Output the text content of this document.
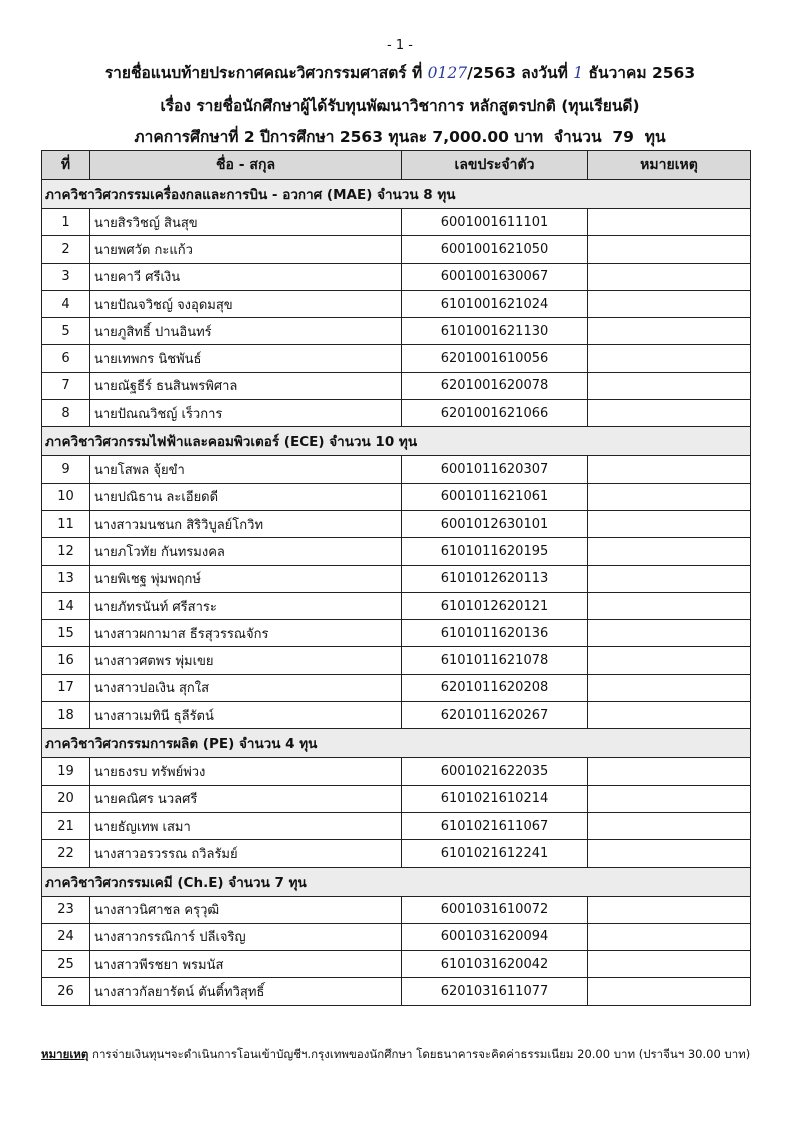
- 1 -
รายชื่อแนบท้ายประกาศคณะวิศวกรรมศาสตร์ ที่ 0127/2563 ลงวันที่ 1 ธันวาคม 2563
เรื่อง รายชื่อนักศึกษาผู้ได้รับทุนพัฒนาวิชาการ หลักสูตรปกติ (ทุนเรียนดี)
ภาคการศึกษาที่ 2 ปีการศึกษา 2563 ทุนละ 7,000.00 บาท จำนวน 79 ทุน
ที่	ชื่อ - สกุล	เลขประจำตัว	หมายเหตุ
ภาควิชาวิศวกรรมเครื่องกลและการบิน - อวกาศ (MAE) จำนวน 8 ทุน			
1	นายสิรวิชญ์ สินสุข	6001001611101	
2	นายพศวัต กะแก้ว	6001001621050	
3	นายคาวี ศรีเงิน	6001001630067	
4	นายปัณจวิชญ์ จงอุดมสุข	6101001621024	
5	นายภูสิทธิ์ ปานอินทร์	6101001621130	
6	นายเทพกร นิชพันธ์	6201001610056	
7	นายณัฐธีร์ ธนสินพรพิศาล	6201001620078	
8	นายปัณณวิชญ์ เร็วการ	6201001621066	
ภาควิชาวิศวกรรมไฟฟ้าและคอมพิวเตอร์ (ECE) จำนวน 10 ทุน			
9	นายโสพล จุ้ยขำ	6001011620307	
10	นายปณิธาน ละเอียดดี	6001011621061	
11	นางสาวมนชนก สิริวิบูลย์โกวิท	6001012630101	
12	นายภโวทัย กันทรมงคล	6101011620195	
13	นายพิเชฐ พุ่มพฤกษ์	6101012620113	
14	นายภัทรนันท์ ศรีสาระ	6101012620121	
15	นางสาวผกามาส ธีรสุวรรณจักร	6101011620136	
16	นางสาวศตพร พุ่มเขย	6101011621078	
17	นางสาวปอเงิน สุกใส	6201011620208	
18	นางสาวเมทินี ธุลีรัตน์	6201011620267	
ภาควิชาวิศวกรรมการผลิต (PE) จำนวน 4 ทุน			
19	นายธงรบ ทรัพย์พ่วง	6001021622035	
20	นายคณิศร นวลศรี	6101021610214	
21	นายธัญเทพ เสมา	6101021611067	
22	นางสาวอรวรรณ ถวิลรัมย์	6101021612241	
ภาควิชาวิศวกรรมเคมี (Ch.E) จำนวน 7 ทุน			
23	นางสาวนิศาชล ครุวุฒิ	6001031610072	
24	นางสาวกรรณิการ์ ปลีเจริญ	6001031620094	
25	นางสาวพีรชยา พรมนัส	6101031620042	
26	นางสาวกัลยารัตน์ ตันติ์ทวิสุทธิ์	6201031611077	
หมายเหตุ การจ่ายเงินทุนฯจะดำเนินการโอนเข้าบัญชีฯ.กรุงเทพของนักศึกษา โดยธนาคารจะคิดค่าธรรมเนียม 20.00 บาท (ปราจีนฯ 30.00 บาท)
